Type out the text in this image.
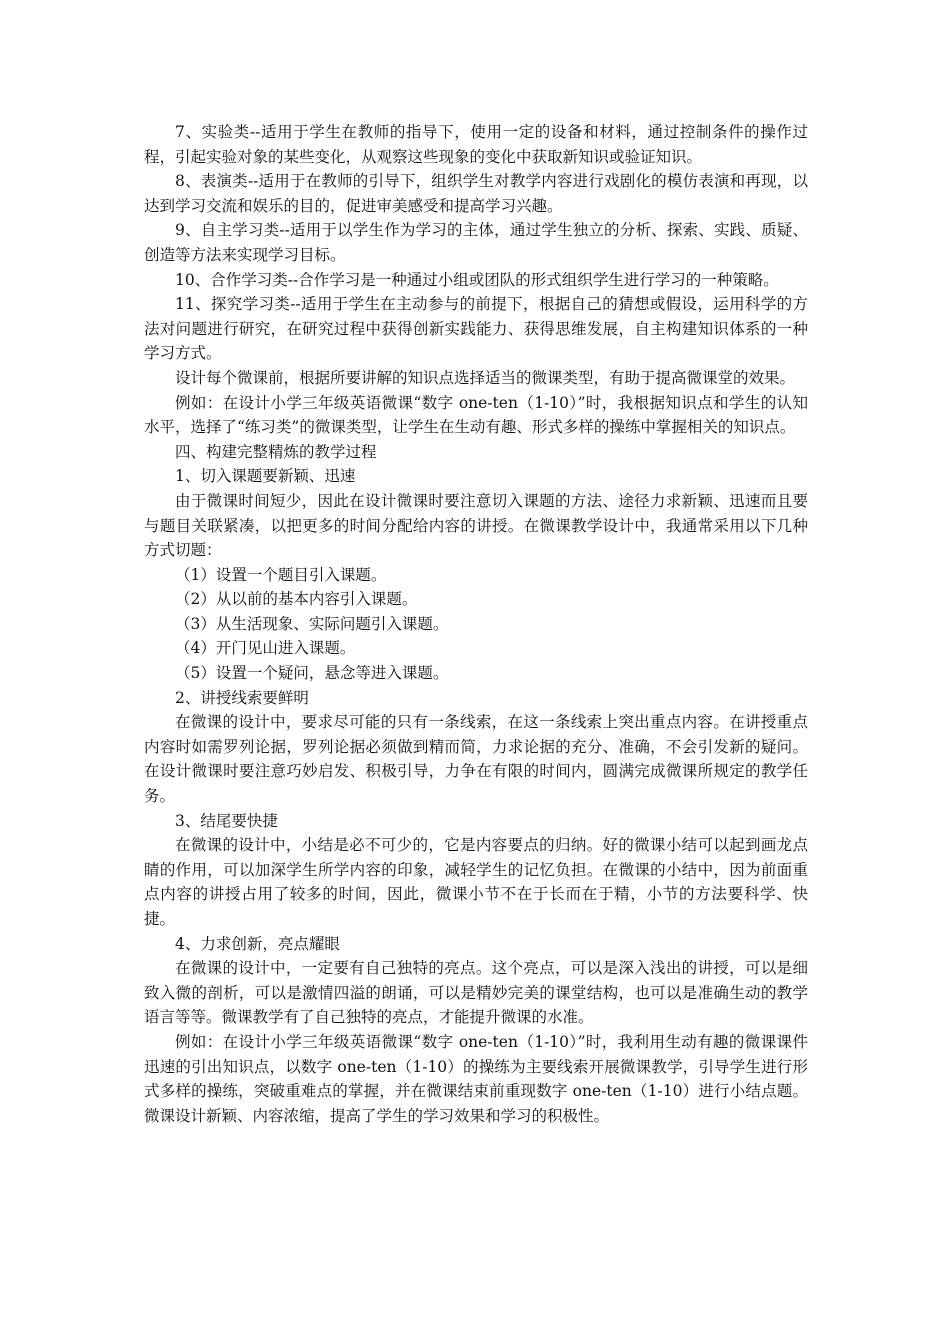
7、实验类--适用于学生在教师的指导下，使用一定的设备和材料，通过控制条件的操作过程，引起实验对象的某些变化，从观察这些现象的变化中获取新知识或验证知识。

8、表演类--适用于在教师的引导下，组织学生对教学内容进行戏剧化的模仿表演和再现，以达到学习交流和娱乐的目的，促进审美感受和提高学习兴趣。

9、自主学习类--适用于以学生作为学习的主体，通过学生独立的分析、探索、实践、质疑、创造等方法来实现学习目标。

10、合作学习类--合作学习是一种通过小组或团队的形式组织学生进行学习的一种策略。

11、探究学习类--适用于学生在主动参与的前提下，根据自己的猜想或假设，运用科学的方法对问题进行研究，在研究过程中获得创新实践能力、获得思维发展，自主构建知识体系的一种学习方式。

设计每个微课前，根据所要讲解的知识点选择适当的微课类型，有助于提高微课堂的效果。

例如：在设计小学三年级英语微课“数字 one-ten（1-10）”时，我根据知识点和学生的认知水平，选择了“练习类”的微课类型，让学生在生动有趣、形式多样的操练中掌握相关的知识点。

四、构建完整精炼的教学过程

1、切入课题要新颖、迅速

由于微课时间短少，因此在设计微课时要注意切入课题的方法、途径力求新颖、迅速而且要与题目关联紧凑，以把更多的时间分配给内容的讲授。在微课教学设计中，我通常采用以下几种方式切题：

（1）设置一个题目引入课题。

（2）从以前的基本内容引入课题。

（3）从生活现象、实际问题引入课题。

（4）开门见山进入课题。

（5）设置一个疑问，悬念等进入课题。

2、讲授线索要鲜明

在微课的设计中，要求尽可能的只有一条线索，在这一条线索上突出重点内容。在讲授重点内容时如需罗列论据，罗列论据必须做到精而简，力求论据的充分、准确，不会引发新的疑问。在设计微课时要注意巧妙启发、积极引导，力争在有限的时间内，圆满完成微课所规定的教学任务。

3、结尾要快捷

在微课的设计中，小结是必不可少的，它是内容要点的归纳。好的微课小结可以起到画龙点睛的作用，可以加深学生所学内容的印象，减轻学生的记忆负担。在微课的小结中，因为前面重点内容的讲授占用了较多的时间，因此，微课小节不在于长而在于精，小节的方法要科学、快捷。

4、力求创新，亮点耀眼

在微课的设计中，一定要有自己独特的亮点。这个亮点，可以是深入浅出的讲授，可以是细致入微的剖析，可以是激情四溢的朗诵，可以是精妙完美的课堂结构，也可以是准确生动的教学语言等等。微课教学有了自己独特的亮点，才能提升微课的水准。

例如：在设计小学三年级英语微课“数字 one-ten（1-10）”时，我利用生动有趣的微课课件迅速的引出知识点，以数字 one-ten（1-10）的操练为主要线索开展微课教学，引导学生进行形式多样的操练，突破重难点的掌握，并在微课结束前重现数字 one-ten（1-10）进行小结点题。微课设计新颖、内容浓缩，提高了学生的学习效果和学习的积极性。
